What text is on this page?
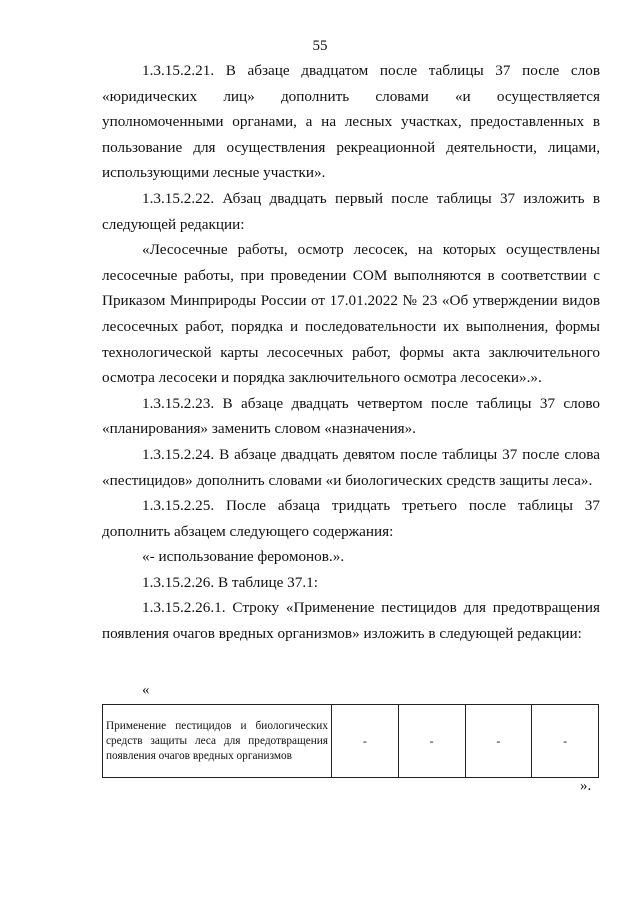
55

1.3.15.2.21. В абзаце двадцатом после таблицы 37 после слов «юридических лиц» дополнить словами «и осуществляется уполномоченными органами, а на лесных участках, предоставленных в пользование для осуществления рекреационной деятельности, лицами, использующими лесные участки».

1.3.15.2.22. Абзац двадцать первый после таблицы 37 изложить в следующей редакции:

«Лесосечные работы, осмотр лесосек, на которых осуществлены лесосечные работы, при проведении СОМ выполняются в соответствии с Приказом Минприроды России от 17.01.2022 № 23 «Об утверждении видов лесосечных работ, порядка и последовательности их выполнения, формы технологической карты лесосечных работ, формы акта заключительного осмотра лесосеки и порядка заключительного осмотра лесосеки».».

1.3.15.2.23. В абзаце двадцать четвертом после таблицы 37 слово «планирования» заменить словом «назначения».

1.3.15.2.24. В абзаце двадцать девятом после таблицы 37 после слова «пестицидов» дополнить словами «и биологических средств защиты леса».

1.3.15.2.25. После абзаца тридцать третьего после таблицы 37 дополнить абзацем следующего содержания:

«- использование феромонов.».

1.3.15.2.26. В таблице 37.1:

1.3.15.2.26.1. Строку «Применение пестицидов для предотвращения появления очагов вредных организмов» изложить в следующей редакции:

«
Применение пестицидов и биологических средств защиты леса для предотвращения появления очагов вредных организмов	-	-	-	-
».
